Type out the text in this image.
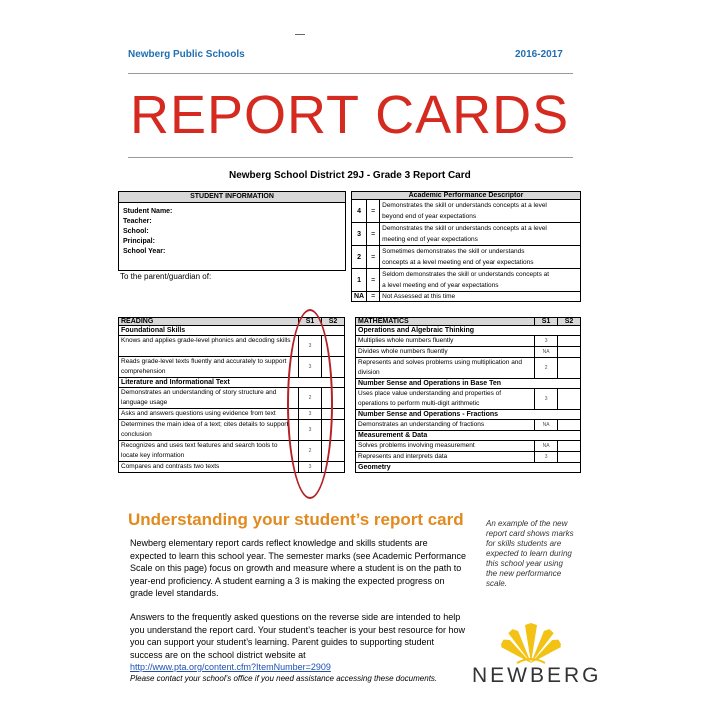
Newberg Public Schools	2016-2017
REPORT CARDS
Newberg School District 29J - Grade 3 Report Card
STUDENT INFORMATION
Student Name:
Teacher:
School:
Principal:
School Year:
To the parent/guardian of:
Academic Performance Descriptor		
4	=	Demonstrates the skill or understands concepts at a level
beyond end of year expectations

3	=	Demonstrates the skill or understands concepts at a level
meeting end of year expectations

2	=	Sometimes demonstrates the skill or understands
concepts at a level meeting end of year expectations

1	=	Seldom demonstrates the skill or understands concepts at
a level meeting end of year expectations

NA	=	Not Assessed at this time
READING	S1	S2
Foundational Skills		
Knows and applies grade-level phonics and decoding skills	3	
Reads grade-level texts fluently and accurately to support comprehension	3	
Literature and Informational Text		
Demonstrates an understanding of story structure and language usage	2	
Asks and answers questions using evidence from text	3	
Determines the main idea of a text; cites details to support conclusion	3	
Recognizes and uses text features and search tools to locate key information	2	
Compares and contrasts two texts	3	
MATHEMATICS	S1	S2
Operations and Algebraic Thinking		
Multiplies whole numbers fluently	3	
Divides whole numbers fluently	NA	
Represents and solves problems using multiplication and division	2	
Number Sense and Operations in Base Ten		
Uses place value understanding and properties of operations to perform multi-digit arithmetic	3	
Number Sense and Operations - Fractions		
Demonstrates an understanding of fractions	NA	
Measurement & Data		
Solves problems involving measurement	NA	
Represents and interprets data	3	
Geometry		
Understanding your student’s report card
Newberg elementary report cards reflect knowledge and skills students are expected to learn this school year. The semester marks (see Academic Performance Scale on this page) focus on growth and measure where a student is on the path to year-end proficiency. A student earning a 3 is making the expected progress on grade level standards.
Answers to the frequently asked questions on the reverse side are intended to help you understand the report card. Your student’s teacher is your best resource for how you can support your student’s learning. Parent guides to supporting student success are on the school district website at
http://www.pta.org/content.cfm?ItemNumber=2909
Please contact your school’s office if you need assistance accessing these documents.
An example of the new report card shows marks for skills students are expected to learn during this school year using the new performance scale.
NEWBERG
